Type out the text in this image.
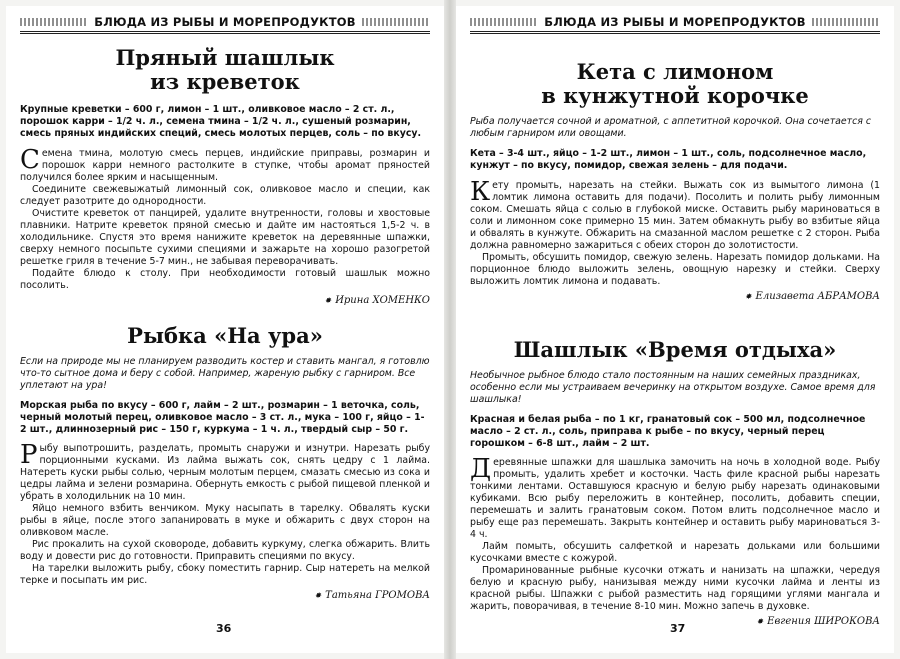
БЛЮДА ИЗ РЫБЫ И МОРЕПРОДУКТОВ
Пряный шашлык
из креветок
Крупные креветки – 600 г, лимон – 1 шт., оливковое масло – 2 ст. л., порошок карри – 1/2 ч. л., семена тмина – 1/2 ч. л., сушеный розмарин, смесь пряных индийских специй, смесь молотых перцев, соль – по вкусу.

Семена тмина, молотую смесь перцев, индийские приправы, розмарин и порошок карри немного растолките в ступке, чтобы аромат пряностей получился более ярким и насыщенным.

Соедините свежевыжатый лимонный сок, оливковое масло и специи, как следует разотрите до однородности.

Очистите креветок от панцирей, удалите внутренности, головы и хвостовые плавники. Натрите креветок пряной смесью и дайте им настояться 1,5-2 ч. в холодильнике. Спустя это время нанижите креветок на деревянные шпажки, сверху немного посыпьте сухими специями и зажарьте на хорошо разогретой решетке гриля в течение 5-7 мин., не забывая переворачивать.

Подайте блюдо к столу. При необходимости готовый шашлык можно посолить.

✸ Ирина ХОМЕНКО
Рыбка «На ура»
Если на природе мы не планируем разводить костер и ставить мангал, я готовлю что-то сытное дома и беру с собой. Например, жареную рыбку с гарниром. Все уплетают на ура!
Морская рыба по вкусу – 600 г, лайм – 2 шт., розмарин – 1 веточка, соль, черный молотый перец, оливковое масло – 3 ст. л., мука – 100 г, яйцо – 1-2 шт., длиннозерный рис – 150 г, куркума – 1 ч. л., твердый сыр – 50 г.

Рыбу выпотрошить, разделать, промыть снаружи и изнутри. Нарезать рыбу порционными кусками. Из лайма выжать сок, снять цедру с 1 лайма. Натереть куски рыбы солью, черным молотым перцем, смазать смесью из сока и цедры лайма и зелени розмарина. Обернуть емкость с рыбой пищевой пленкой и убрать в холодильник на 10 мин.

Яйцо немного взбить венчиком. Муку насыпать в тарелку. Обвалять куски рыбы в яйце, после этого запанировать в муке и обжарить с двух сторон на оливковом масле.

Рис прокалить на сухой сковороде, добавить куркуму, слегка обжарить. Влить воду и довести рис до готовности. Приправить специями по вкусу.

На тарелки выложить рыбу, сбоку поместить гарнир. Сыр натереть на мелкой терке и посыпать им рис.

✸ Татьяна ГРОМОВА
36
БЛЮДА ИЗ РЫБЫ И МОРЕПРОДУКТОВ
Кета с лимоном
в кунжутной корочке
Рыба получается сочной и ароматной, с аппетитной корочкой. Она сочетается с любым гарниром или овощами.
Кета – 3-4 шт., яйцо – 1-2 шт., лимон – 1 шт., соль, подсолнечное масло, кунжут – по вкусу, помидор, свежая зелень – для подачи.

Кету промыть, нарезать на стейки. Выжать сок из вымытого лимона (1 ломтик лимона оставить для подачи). Посолить и полить рыбу лимонным соком. Смешать яйца с солью в глубокой миске. Оставить рыбу мариноваться в соли и лимонном соке примерно 15 мин. Затем обмакнуть рыбу во взбитые яйца и обвалять в кунжуте. Обжарить на смазанной маслом решетке с 2 сторон. Рыба должна равномерно зажариться с обеих сторон до золотистости.

Промыть, обсушить помидор, свежую зелень. Нарезать помидор дольками. На порционное блюдо выложить зелень, овощную нарезку и стейки. Сверху выложить ломтик лимона и подавать.

✸ Елизавета АБРАМОВА
Шашлык «Время отдыха»
Необычное рыбное блюдо стало постоянным на наших семейных праздниках, особенно если мы устраиваем вечеринку на открытом воздухе. Самое время для шашлыка!
Красная и белая рыба – по 1 кг, гранатовый сок – 500 мл, подсолнечное масло – 2 ст. л., соль, приправа к рыбе – по вкусу, черный перец горошком – 6-8 шт., лайм – 2 шт.

Деревянные шпажки для шашлыка замочить на ночь в холодной воде. Рыбу промыть, удалить хребет и косточки. Часть филе красной рыбы нарезать тонкими лентами. Оставшуюся красную и белую рыбу нарезать одинаковыми кубиками. Всю рыбу переложить в контейнер, посолить, добавить специи, перемешать и залить гранатовым соком. Потом влить подсолнечное масло и рыбу еще раз перемешать. Закрыть контейнер и оставить рыбу мариноваться 3-4 ч.

Лайм помыть, обсушить салфеткой и нарезать дольками или большими кусочками вместе с кожурой.

Промаринованные рыбные кусочки отжать и нанизать на шпажки, чередуя белую и красную рыбу, нанизывая между ними кусочки лайма и ленты из красной рыбы. Шпажки с рыбой разместить над горящими углями мангала и жарить, поворачивая, в течение 8-10 мин. Можно запечь в духовке.

✸ Евгения ШИРОКОВА
37
